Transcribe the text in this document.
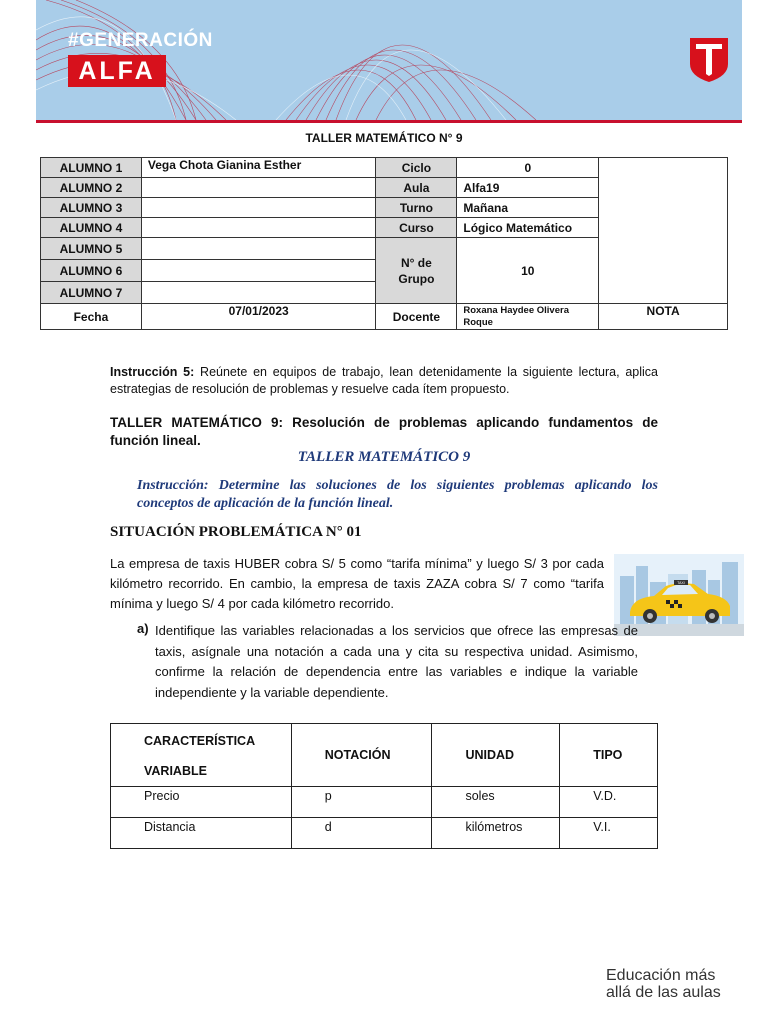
#GENERACIÓN
ALFA
TALLER MATEMÁTICO N° 9
ALUMNO 1	Vega Chota Gianina Esther	Ciclo	0	
ALUMNO 2		Aula	Alfa19	
ALUMNO 3		Turno	Mañana	
ALUMNO 4		Curso	Lógico Matemático	
ALUMNO 5		N° de Grupo	10	
ALUMNO 6				
ALUMNO 7				
Fecha	07/01/2023	Docente	Roxana Haydee Olivera Roque	NOTA
Instrucción 5: Reúnete en equipos de trabajo, lean detenidamente la siguiente lectura, aplica estrategias de resolución de problemas y resuelve cada ítem propuesto.
TALLER MATEMÁTICO 9: Resolución de problemas aplicando fundamentos de función lineal.
TALLER MATEMÁTICO 9
Instrucción: Determine las soluciones de los siguientes problemas aplicando los conceptos de aplicación de la función lineal.
SITUACIÓN PROBLEMÁTICA N° 01
La empresa de taxis HUBER cobra S/ 5 como “tarifa mínima” y luego S/ 3 por cada kilómetro recorrido. En cambio, la empresa de taxis ZAZA cobra S/ 7 como “tarifa mínima y luego S/ 4 por cada kilómetro recorrido.
TAXI
a) Identifique las variables relacionadas a los servicios que ofrece las empresas de taxis, asígnale una notación a cada una y cita su respectiva unidad. Asimismo, confirme la relación de dependencia entre las variables e indique la variable independiente y la variable dependiente.
CARACTERÍSTICA
VARIABLE	NOTACIÓN	UNIDAD	TIPO
Precio	p	soles	V.D.
Distancia	d	kilómetros	V.I.
Educación más
allá de las aulas
